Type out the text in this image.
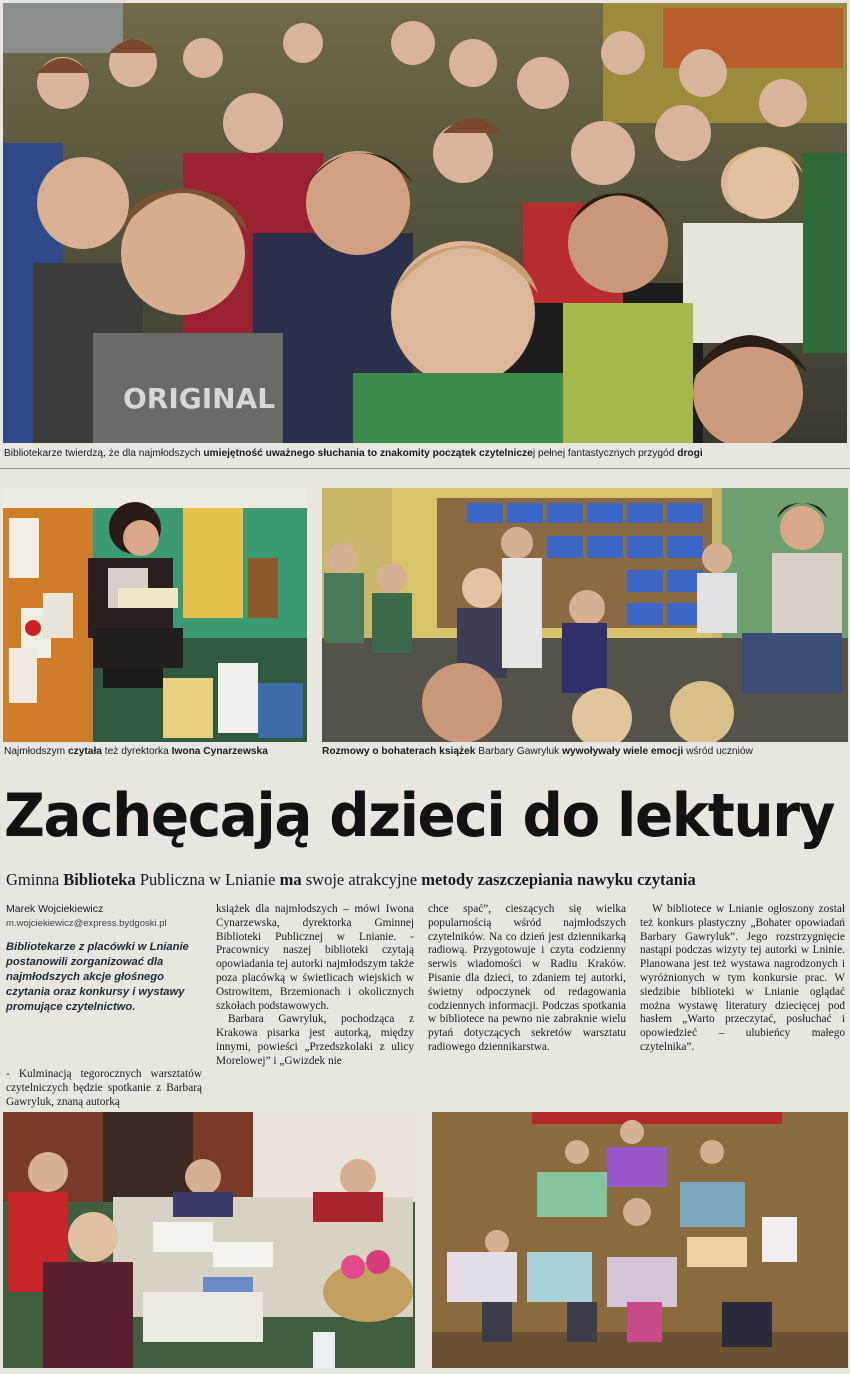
ORIGINAL
Bibliotekarze twierdzą, że dla najmłodszych umiejętność uważnego słuchania to znakomity początek czytelniczej pełnej fantastycznych przygód drogi
Najmłodszym czytała też dyrektorka Iwona Cynarzewska	Rozmowy o bohaterach książek Barbary Gawryluk wywoływały wiele emocji wśród uczniów
Zachęcają dzieci do lektury
Gminna Biblioteka Publiczna w Lnianie ma swoje atrakcyjne metody zaszczepiania nawyku czytania
Marek Wojciekiewicz
m.wojciekiewicz@express.bydgoski.pl
Bibliotekarze z placówki w Lnianie postanowili zorganizować dla najmłodszych akcje głośnego czytania oraz konkursy i wystawy promujące czytelnictwo.

- Kulminacją tegorocznych warsztatów czytelniczych będzie spotkanie z Barbarą Gawryluk, znaną autorką

książek dla najmłodszych – mówi Iwona Cynarzewska, dyrektorka Gminnej Biblioteki Publicznej w Lnianie. - Pracownicy naszej biblioteki czytają opowiadania tej autorki najmłodszym także poza placówką w świetlicach wiejskich w Ostrowitem, Brzemionach i okolicznych szkołach podstawowych.

Barbara Gawryluk, pochodząca z Krakowa pisarka jest autorką, między innymi, powieści „Przedszkolaki z ulicy Morelowej” i „Gwizdek nie

chce spać”, cieszących się wielka popularnością wśród najmłodszych czytelników. Na co dzień jest dziennikarką radiową. Przygotowuje i czyta codzienny serwis wiadomości w Radiu Kraków. Pisanie dla dzieci, to zdaniem tej autorki, świetny odpoczynek od redagowania codziennych informacji. Podczas spotkania w bibliotece na pewno nie zabraknie wielu pytań dotyczących sekretów warsztatu radiowego dziennikarstwa.

W bibliotece w Lnianie ogłoszony został też konkurs plastyczny „Bohater opowiadań Barbary Gawryluk”. Jego rozstrzygnięcie nastąpi podczas wizyty tej autorki w Lninie. Planowana jest też wystawa nagrodzonych i wyróżnionych w tym konkursie prac. W siedzibie biblioteki w Lnianie oglądać można wystawę literatury dziecięcej pod hasłem „Warto przeczytać, posłuchać i opowiedzieć – ulubieńcy małego czytelnika”.
